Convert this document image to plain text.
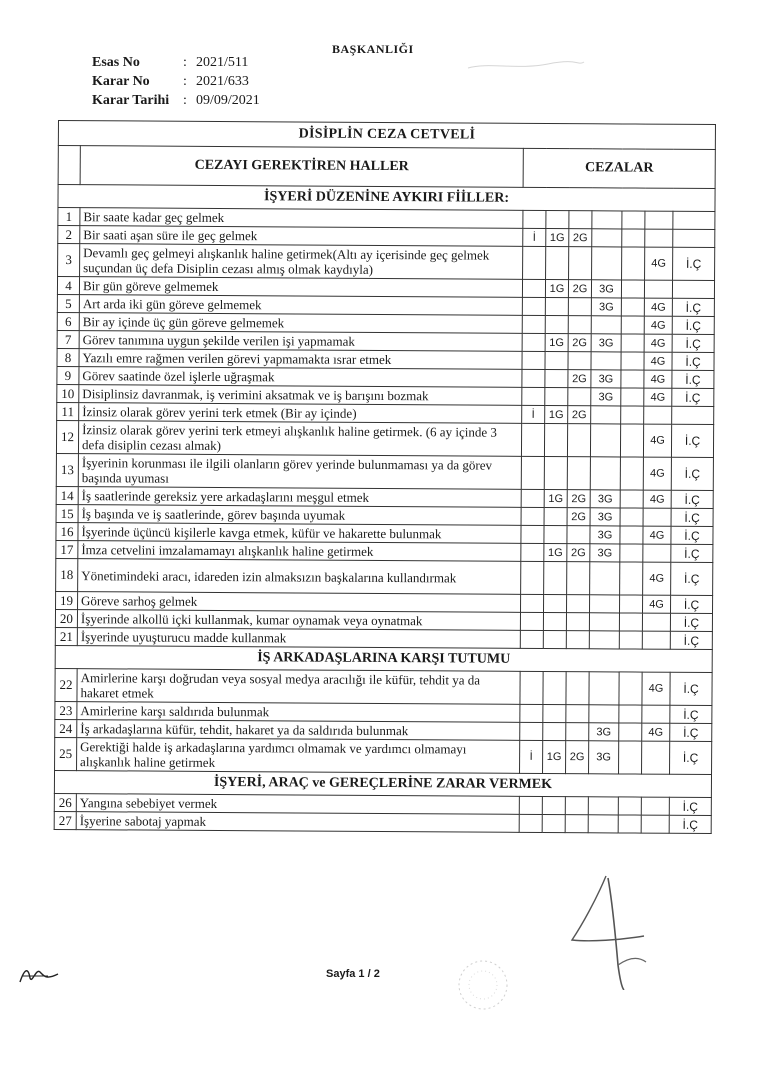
BAŞKANLIĞI
Esas No	: 2021/511
Karar No	: 2021/633
Karar Tarihi : 09/09/2021
DİSİPLİN CEZA CETVELİ								
	CEZAYI GEREKTİREN HALLER	CEZALAR						
İŞYERİ DÜZENİNE AYKIRI FİİLLER:								
1	Bir saate kadar geç gelmek							
2	Bir saati aşan süre ile geç gelmek	İ	1G	2G				
3	Devamlı geç gelmeyi alışkanlık haline getirmek(Altı ay içerisinde geç gelmek suçundan üç defa Disiplin cezası almış olmak kaydıyla)						4G	İ.Ç
4	Bir gün göreve gelmemek		1G	2G	3G			
5	Art arda iki gün göreve gelmemek				3G		4G	İ.Ç
6	Bir ay içinde üç gün göreve gelmemek						4G	İ.Ç
7	Görev tanımına uygun şekilde verilen işi yapmamak		1G	2G	3G		4G	İ.Ç
8	Yazılı emre rağmen verilen görevi yapmamakta ısrar etmek						4G	İ.Ç
9	Görev saatinde özel işlerle uğraşmak			2G	3G		4G	İ.Ç
10	Disiplinsiz davranmak, iş verimini aksatmak ve iş barışını bozmak				3G		4G	İ.Ç
11	İzinsiz olarak görev yerini terk etmek (Bir ay içinde)	İ	1G	2G				
12	İzinsiz olarak görev yerini terk etmeyi alışkanlık haline getirmek. (6 ay içinde 3 defa disiplin cezası almak)						4G	İ.Ç
13	İşyerinin korunması ile ilgili olanların görev yerinde bulunmaması ya da görev başında uyuması						4G	İ.Ç
14	İş saatlerinde gereksiz yere arkadaşlarını meşgul etmek		1G	2G	3G		4G	İ.Ç
15	İş başında ve iş saatlerinde, görev başında uyumak			2G	3G			İ.Ç
16	İşyerinde üçüncü kişilerle kavga etmek, küfür ve hakarette bulunmak				3G		4G	İ.Ç
17	İmza cetvelini imzalamamayı alışkanlık haline getirmek		1G	2G	3G			İ.Ç
18	Yönetimindeki aracı, idareden izin almaksızın başkalarına kullandırmak						4G	İ.Ç
19	Göreve sarhoş gelmek						4G	İ.Ç
20	İşyerinde alkollü içki kullanmak, kumar oynamak veya oynatmak							İ.Ç
21	İşyerinde uyuşturucu madde kullanmak							İ.Ç
İŞ ARKADAŞLARINA KARŞI TUTUMU								
22	Amirlerine karşı doğrudan veya sosyal medya aracılığı ile küfür, tehdit ya da hakaret etmek						4G	İ.Ç
23	Amirlerine karşı saldırıda bulunmak							İ.Ç
24	İş arkadaşlarına küfür, tehdit, hakaret ya da saldırıda bulunmak				3G		4G	İ.Ç
25	Gerektiği halde iş arkadaşlarına yardımcı olmamak ve yardımcı olmamayı alışkanlık haline getirmek	İ	1G	2G	3G			İ.Ç
İŞYERİ, ARAÇ ve GEREÇLERİNE ZARAR VERMEK								
26	Yangına sebebiyet vermek							İ.Ç
27	İşyerine sabotaj yapmak							İ.Ç
Sayfa 1 / 2
